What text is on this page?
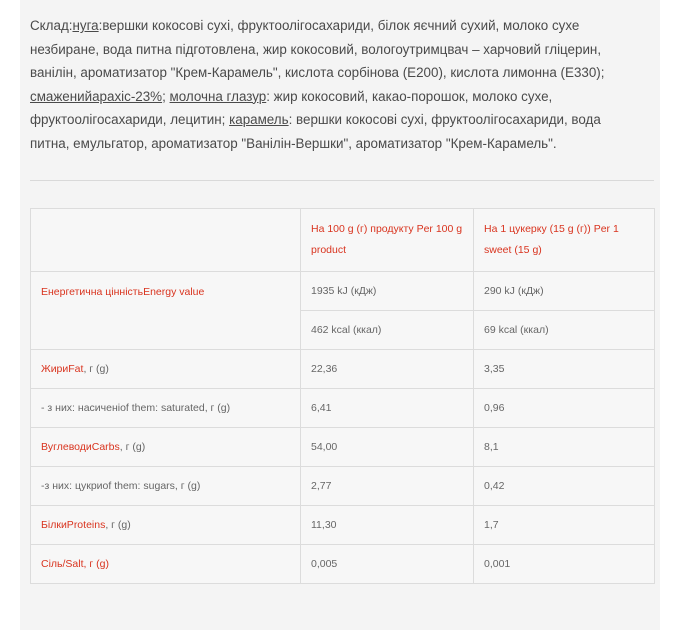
Склад:нуга:вершки кокосові сухі, фруктоолігосахариди, білок яєчний сухий, молоко сухе незбиране, вода питна підготовлена, жир кокосовий, вологоутримцвач – харчовий гліцерин, ванілін, ароматизатор "Крем-Карамель", кислота сорбінова (Е200), кислота лимонна (Е330); смаженийарахіс-23%; молочна глазур: жир кокосовий, какао-порошок, молоко сухе, фруктоолігосахариди, лецитин; карамель: вершки кокосові сухі, фруктоолігосахариди, вода питна, емульгатор, ароматизатор "Ванілін-Вершки", ароматизатор "Крем-Карамель".
	На 100 g (г) продукту Per 100 g product	На 1 цукерку (15 g (г)) Per 1 sweet (15 g)
Енергетична цінністьEnergy value	1935 kJ (кДж)	290 kJ (кДж)
	462 kcal (ккал)	69 kcal (ккал)
ЖириFat, г (g)	22,36	3,35
- з них: насиченіof them: saturated, г (g)	6,41	0,96
ВуглеводиCarbs, г (g)	54,00	8,1
-з них: цукриof them: sugars, г (g)	2,77	0,42
БілкиProteins, г (g)	11,30	1,7
Сіль/Salt, г (g)	0,005	0,001
